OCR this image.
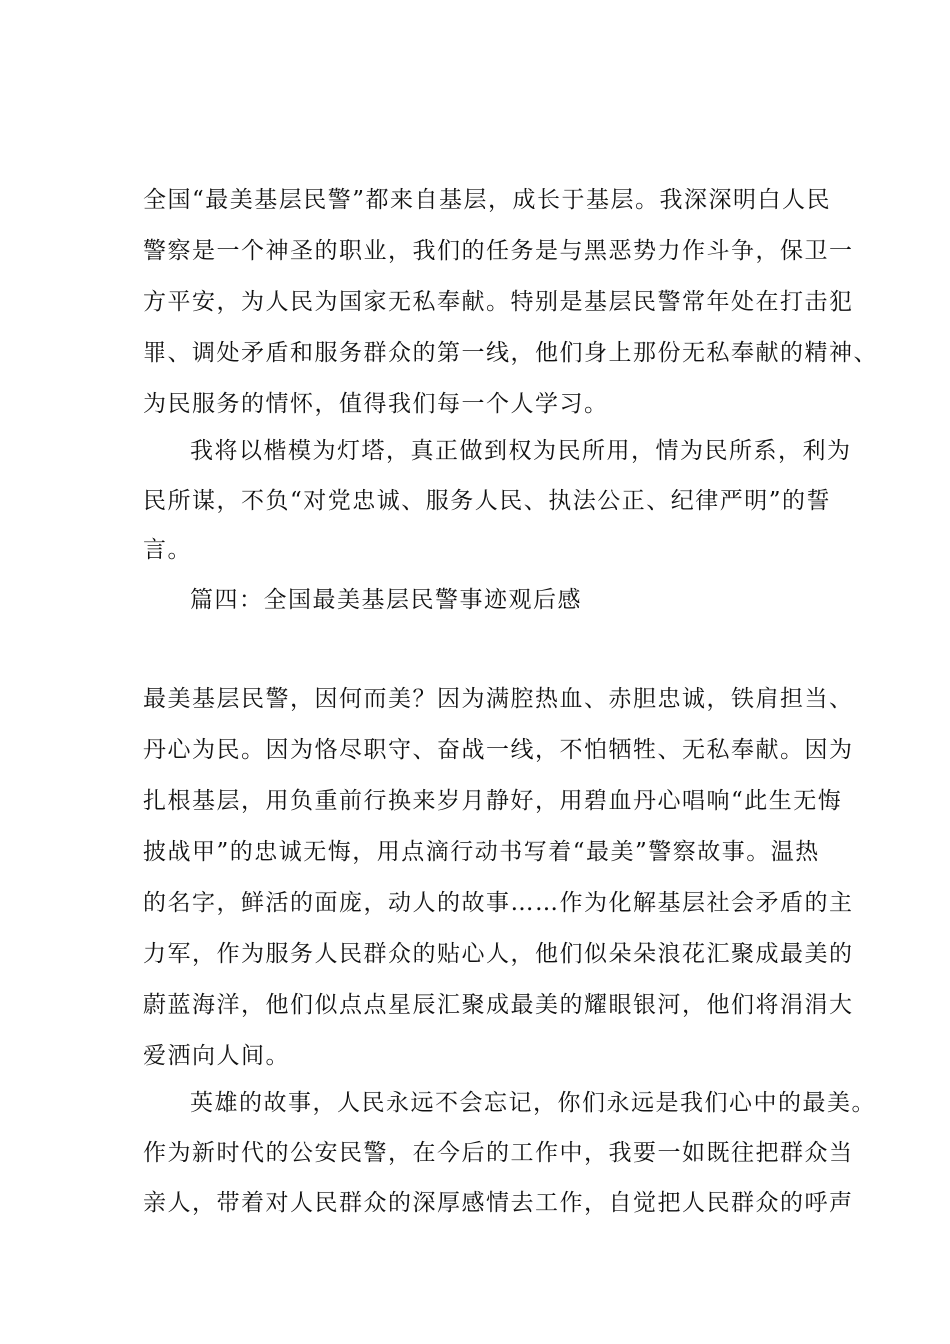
全国“最美基层民警”都来自基层，成长于基层。我深深明白人民
警察是一个神圣的职业，我们的任务是与黑恶势力作斗争，保卫一
方平安，为人民为国家无私奉献。特别是基层民警常年处在打击犯
罪、调处矛盾和服务群众的第一线，他们身上那份无私奉献的精神、
为民服务的情怀，值得我们每一个人学习。
我将以楷模为灯塔，真正做到权为民所用，情为民所系，利为
民所谋，不负“对党忠诚、服务人民、执法公正、纪律严明”的誓
言。
篇四：全国最美基层民警事迹观后感
最美基层民警，因何而美？因为满腔热血、赤胆忠诚，铁肩担当、
丹心为民。因为恪尽职守、奋战一线，不怕牺牲、无私奉献。因为
扎根基层，用负重前行换来岁月静好，用碧血丹心唱响“此生无悔
披战甲”的忠诚无悔，用点滴行动书写着“最美”警察故事。温热
的名字，鲜活的面庞，动人的故事……作为化解基层社会矛盾的主
力军，作为服务人民群众的贴心人，他们似朵朵浪花汇聚成最美的
蔚蓝海洋，他们似点点星辰汇聚成最美的耀眼银河，他们将涓涓大
爱洒向人间。
英雄的故事，人民永远不会忘记，你们永远是我们心中的最美。
作为新时代的公安民警，在今后的工作中，我要一如既往把群众当
亲人，带着对人民群众的深厚感情去工作，自觉把人民群众的呼声
